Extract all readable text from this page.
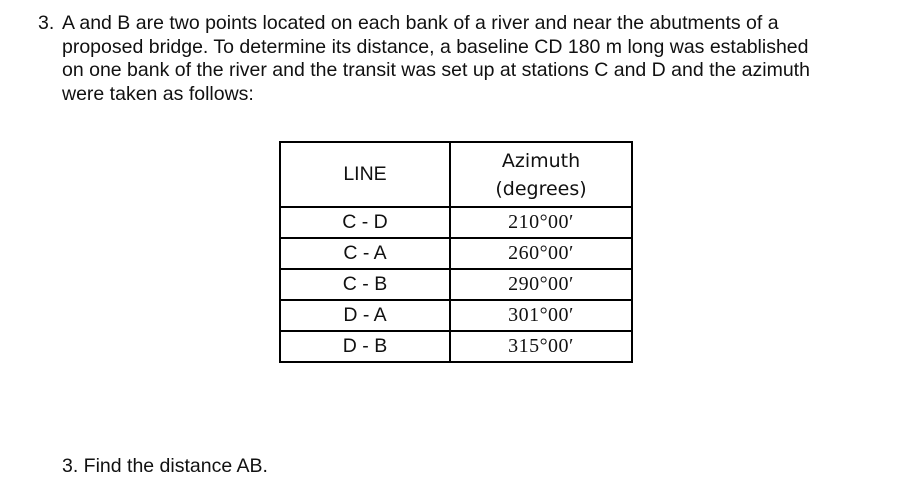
3. A and B are two points located on each bank of a river and near the abutments of a
proposed bridge. To determine its distance, a baseline CD 180 m long was established
on one bank of the river and the transit was set up at stations C and D and the azimuth
were taken as follows:
LINE	Azimuth
(degrees)

C - D	210°00′
C - A	260°00′
C - B	290°00′
D - A	301°00′
D - B	315°00′
3. Find the distance AB.
